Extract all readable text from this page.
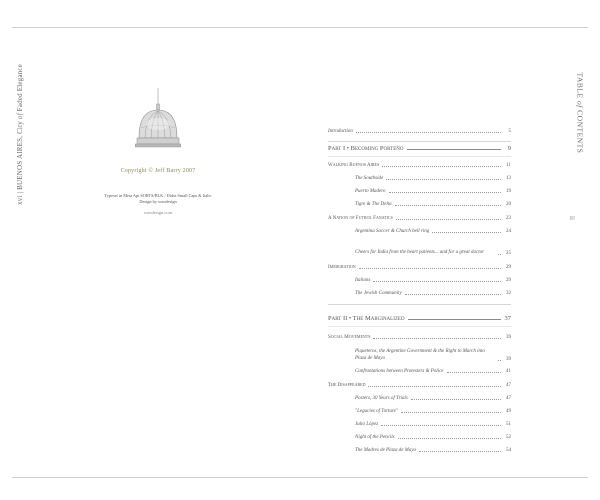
xvi | BUENOS AIRES, City of Faded Elegance	TABLE of CONTENTS
ii
Copyright © Jeff Barry 2007
Typeset in Meta Apt SORTS/BLK / Didot Small Caps & Italic
Design by sorodesign
sorodesign.com
Introduction	5
Part I • Becoming Porteño	9
Walking Buenos Aires	11
The Southside	13
Puerto Madero	19
Tigre & The Delta	20
A Nation of Futbol Fanatics	23
Argentina Soccer & Church bell ring	24
Cheers for India from the heart patients... and for a great doctor	25
Immigration	29
Italians	29
The Jewish Community	32
Part II • The Marginalized	37
Social Movements	39
Piqueteros, the Argentine Government & the Right to March into Plaza de Mayo	39
Confrontations between Protesters & Police	41
The Disappeared	47
Posters, 30 Years of Trials	47
"Legacies of Torture"	49
Julio López	51
Night of the Pencils	52
The Madres de Plaza de Mayo	54
